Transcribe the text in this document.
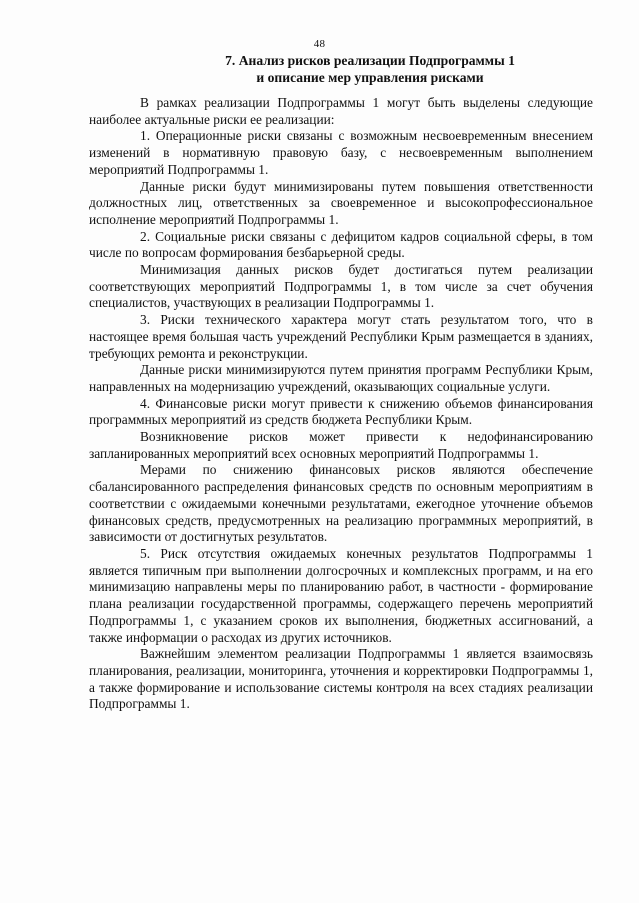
48
7. Анализ рисков реализации Подпрограммы 1
и описание мер управления рисками

В рамках реализации Подпрограммы 1 могут быть выделены следующие наиболее актуальные риски ее реализации:

1. Операционные риски связаны с возможным несвоевременным внесением изменений в нормативную правовую базу, с несвоевременным выполнением мероприятий Подпрограммы 1.

Данные риски будут минимизированы путем повышения ответственности должностных лиц, ответственных за своевременное и высокопрофессиональное исполнение мероприятий Подпрограммы 1.

2. Социальные риски связаны с дефицитом кадров социальной сферы, в том числе по вопросам формирования безбарьерной среды.

Минимизация данных рисков будет достигаться путем реализации соответствующих мероприятий Подпрограммы 1, в том числе за счет обучения специалистов, участвующих в реализации Подпрограммы 1.

3. Риски технического характера могут стать результатом того, что в настоящее время большая часть учреждений Республики Крым размещается в зданиях, требующих ремонта и реконструкции.

Данные риски минимизируются путем принятия программ Республики Крым, направленных на модернизацию учреждений, оказывающих социальные услуги.

4. Финансовые риски могут привести к снижению объемов финансирования программных мероприятий из средств бюджета Республики Крым.

Возникновение рисков может привести к недофинансированию запланированных мероприятий всех основных мероприятий Подпрограммы 1.

Мерами по снижению финансовых рисков являются обеспечение сбалансированного распределения финансовых средств по основным мероприятиям в соответствии с ожидаемыми конечными результатами, ежегодное уточнение объемов финансовых средств, предусмотренных на реализацию программных мероприятий, в зависимости от достигнутых результатов.

5. Риск отсутствия ожидаемых конечных результатов Подпрограммы 1 является типичным при выполнении долгосрочных и комплексных программ, и на его минимизацию направлены меры по планированию работ, в частности - формирование плана реализации государственной программы, содержащего перечень мероприятий Подпрограммы 1, с указанием сроков их выполнения, бюджетных ассигнований, а также информации о расходах из других источников.

Важнейшим элементом реализации Подпрограммы 1 является взаимосвязь планирования, реализации, мониторинга, уточнения и корректировки Подпрограммы 1, а также формирование и использование системы контроля на всех стадиях реализации Подпрограммы 1.
